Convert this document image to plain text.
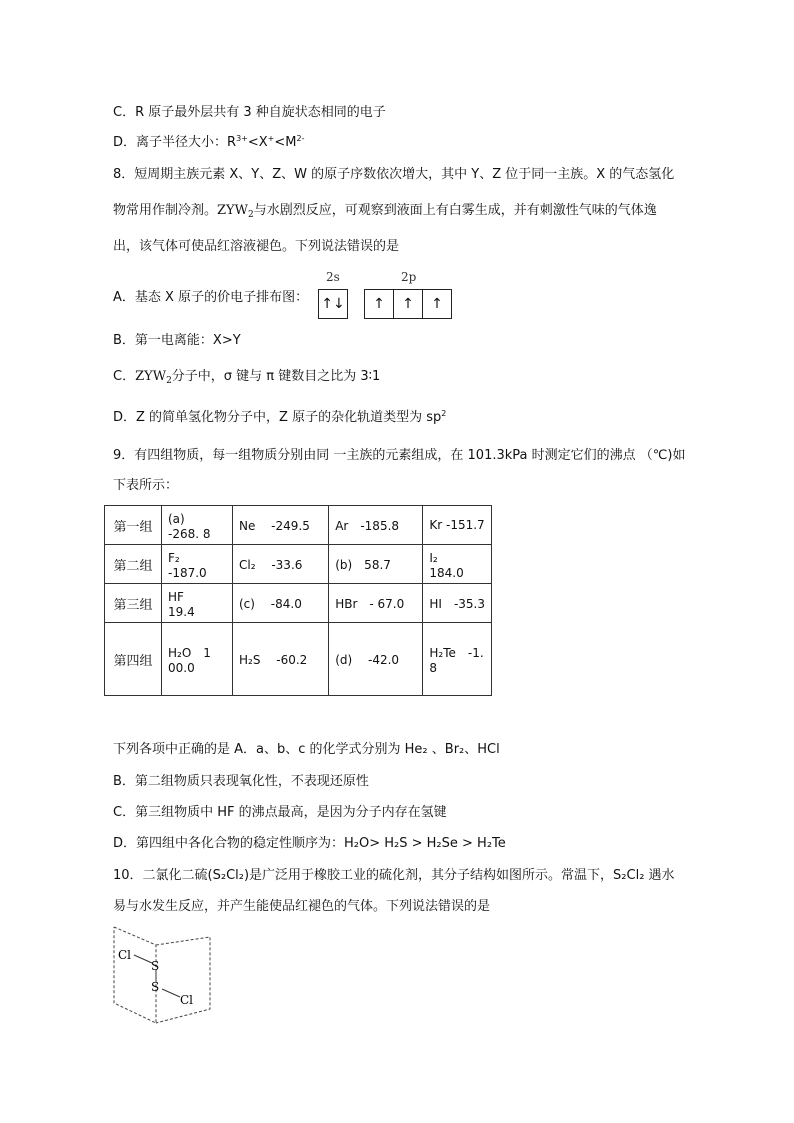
C．R 原子最外层共有 3 种自旋状态相同的电子
D．离子半径大小：$R^{3+}<X^+<M^{2-}$
8．短周期主族元素 X、Y、Z、W 的原子序数依次增大，其中 Y、Z 位于同一主族。X 的气态氢化
物常用作制冷剂。$ZYW_2$与水剧烈反应，可观察到液面上有白雾生成，并有刺激性气味的气体逸
出，该气体可使品红溶液褪色。下列说法错误的是
A．基态 X 原子的价电子排布图：
2s	2p
↑↓	↑	↑	↑
B．第一电离能：X>Y
C．$ZYW_2$分子中，σ 键与 π 键数目之比为 3∶1
D．Z 的简单氢化物分子中，Z 原子的杂化轨道类型为 $sp^2$
9．有四组物质，每一组物质分别由同 一主族的元素组成，在 101.3kPa 时测定它们的沸点 （℃)如
下表所示：
第一组	(a)　 -268. 8	Ne　 -249.5	Ar　-185.8	Kr -151.7
第二组	F₂　 -187.0	Cl₂　 -33.6	(b)　58.7	I₂　 184.0
第三组	HF　 19.4	(c)　 -84.0	HBr　- 67.0	HI　-35.3
第四组	H₂O　1 00.0	H₂S　 -60.2	(d)　 -42.0	H₂Te　-1. 8
下列各项中正确的是 A．a、b、c 的化学式分别为 He₂ 、Br₂、HCl
B．第二组物质只表现氧化性，不表现还原性
C．第三组物质中 HF 的沸点最高，是因为分子内存在氢键
D．第四组中各化合物的稳定性顺序为：H₂O> H₂S > H₂Se > H₂Te
10．二氯化二硫(S₂Cl₂)是广泛用于橡胶工业的硫化剂，其分子结构如图所示。常温下，S₂Cl₂ 遇水
易与水发生反应，并产生能使品红褪色的气体。下列说法错误的是
Cl
S
S
Cl
